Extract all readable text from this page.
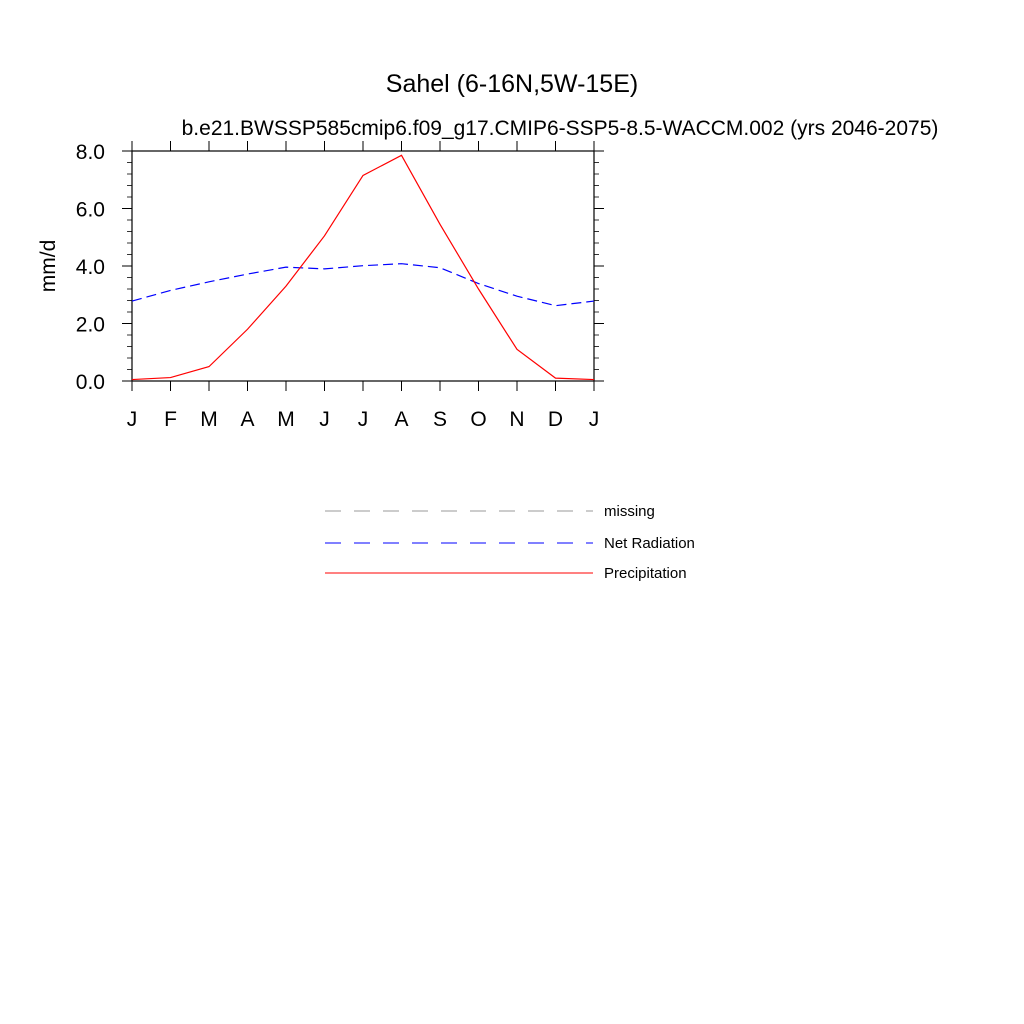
Sahel (6-16N,5W-15E)
b.e21.BWSSP585cmip6.f09_g17.CMIP6-SSP5-8.5-WACCM.002 (yrs 2046-2075)
mm/d
0.0
2.0
4.0
6.0
8.0
J F M A M J J A S O N D J
missing
Net Radiation
Precipitation
